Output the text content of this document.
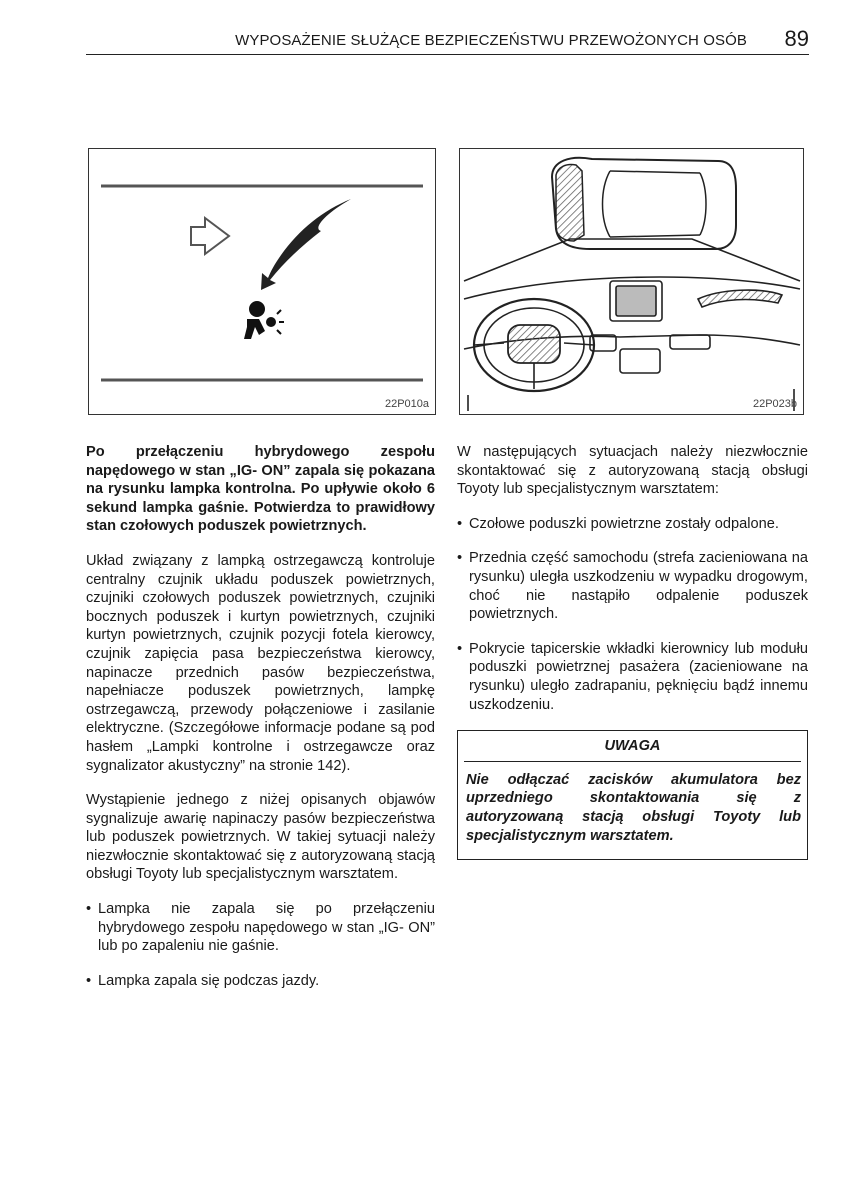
WYPOSAŻENIE SŁUŻĄCE BEZPIECZEŃSTWU PRZEWOŻONYCH OSÓB 89
22P010a	22P023b

Po przełączeniu hybrydowego zespołu napędowego w stan „IG- ON” zapala się pokazana na rysunku lampka kontrolna. Po upływie około 6 sekund lampka gaśnie. Potwierdza to prawidłowy stan czołowych poduszek powietrznych.

Układ związany z lampką ostrzegawczą kontroluje centralny czujnik układu poduszek powietrznych, czujniki czołowych poduszek powietrznych, czujniki bocznych poduszek i kurtyn powietrznych, czujniki kurtyn powietrznych, czujnik pozycji fotela kierowcy, czujnik zapięcia pasa bezpieczeństwa kierowcy, napinacze przednich pasów bezpieczeństwa, napełniacze poduszek powietrznych, lampkę ostrzegawczą, przewody połączeniowe i zasilanie elektryczne. (Szczegółowe informacje podane są pod hasłem „Lampki kontrolne i ostrzegawcze oraz sygnalizator akustyczny” na stronie 142).

Wystąpienie jednego z niżej opisanych objawów sygnalizuje awarię napinaczy pasów bezpieczeństwa lub poduszek powietrznych. W takiej sytuacji należy niezwłocznie skontaktować się z autoryzowaną stacją obsługi Toyoty lub specjalistycznym warsztatem.

• Lampka nie zapala się po przełączeniu hybrydowego zespołu napędowego w stan „IG- ON” lub po zapaleniu nie gaśnie.
• Lampka zapala się podczas jazdy.

W następujących sytuacjach należy niezwłocznie skontaktować się z autoryzowaną stacją obsługi Toyoty lub specjalistycznym warsztatem:

• Czołowe poduszki powietrzne zostały odpalone.
• Przednia część samochodu (strefa zacieniowana na rysunku) uległa uszkodzeniu w wypadku drogowym, choć nie nastąpiło odpalenie poduszek powietrznych.
• Pokrycie tapicerskie wkładki kierownicy lub modułu poduszki powietrznej pasażera (zacieniowane na rysunku) uległo zadrapaniu, pęknięciu bądź innemu uszkodzeniu.
UWAGA
Nie odłączać zacisków akumulatora bez uprzedniego skontaktowania się z autoryzowaną stacją obsługi Toyoty lub specjalistycznym warsztatem.
